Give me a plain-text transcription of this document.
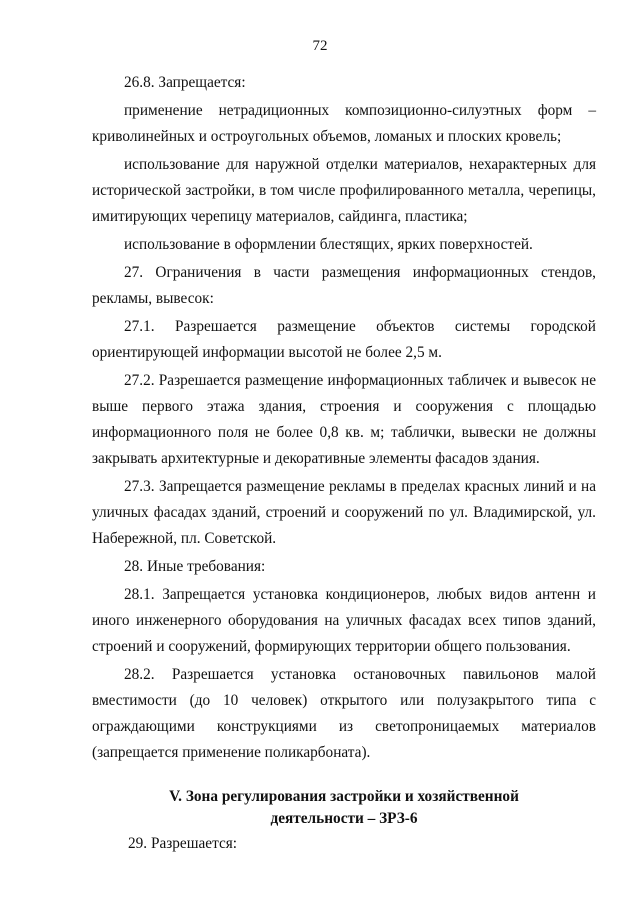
72

26.8. Запрещается:

применение нетрадиционных композиционно-силуэтных форм – криволинейных и остроугольных объемов, ломаных и плоских кровель;

использование для наружной отделки материалов, нехарактерных для исторической застройки, в том числе профилированного металла, черепицы, имитирующих черепицу материалов, сайдинга, пластика;

использование в оформлении блестящих, ярких поверхностей.

27. Ограничения в части размещения информационных стендов, рекламы, вывесок:

27.1. Разрешается размещение объектов системы городской ориентирующей информации высотой не более 2,5 м.

27.2. Разрешается размещение информационных табличек и вывесок не выше первого этажа здания, строения и сооружения с площадью информационного поля не более 0,8 кв. м; таблички, вывески не должны закрывать архитектурные и декоративные элементы фасадов здания.

27.3. Запрещается размещение рекламы в пределах красных линий и на уличных фасадах зданий, строений и сооружений по ул. Владимирской, ул. Набережной, пл. Советской.

28. Иные требования:

28.1. Запрещается установка кондиционеров, любых видов антенн и иного инженерного оборудования на уличных фасадах всех типов зданий, строений и сооружений, формирующих территории общего пользования.

28.2. Разрешается установка остановочных павильонов малой вместимости (до 10 человек) открытого или полузакрытого типа с ограждающими конструкциями из светопроницаемых материалов (запрещается применение поликарбоната).

V. Зона регулирования застройки и хозяйственной
деятельности – ЗРЗ-6
29. Разрешается:
